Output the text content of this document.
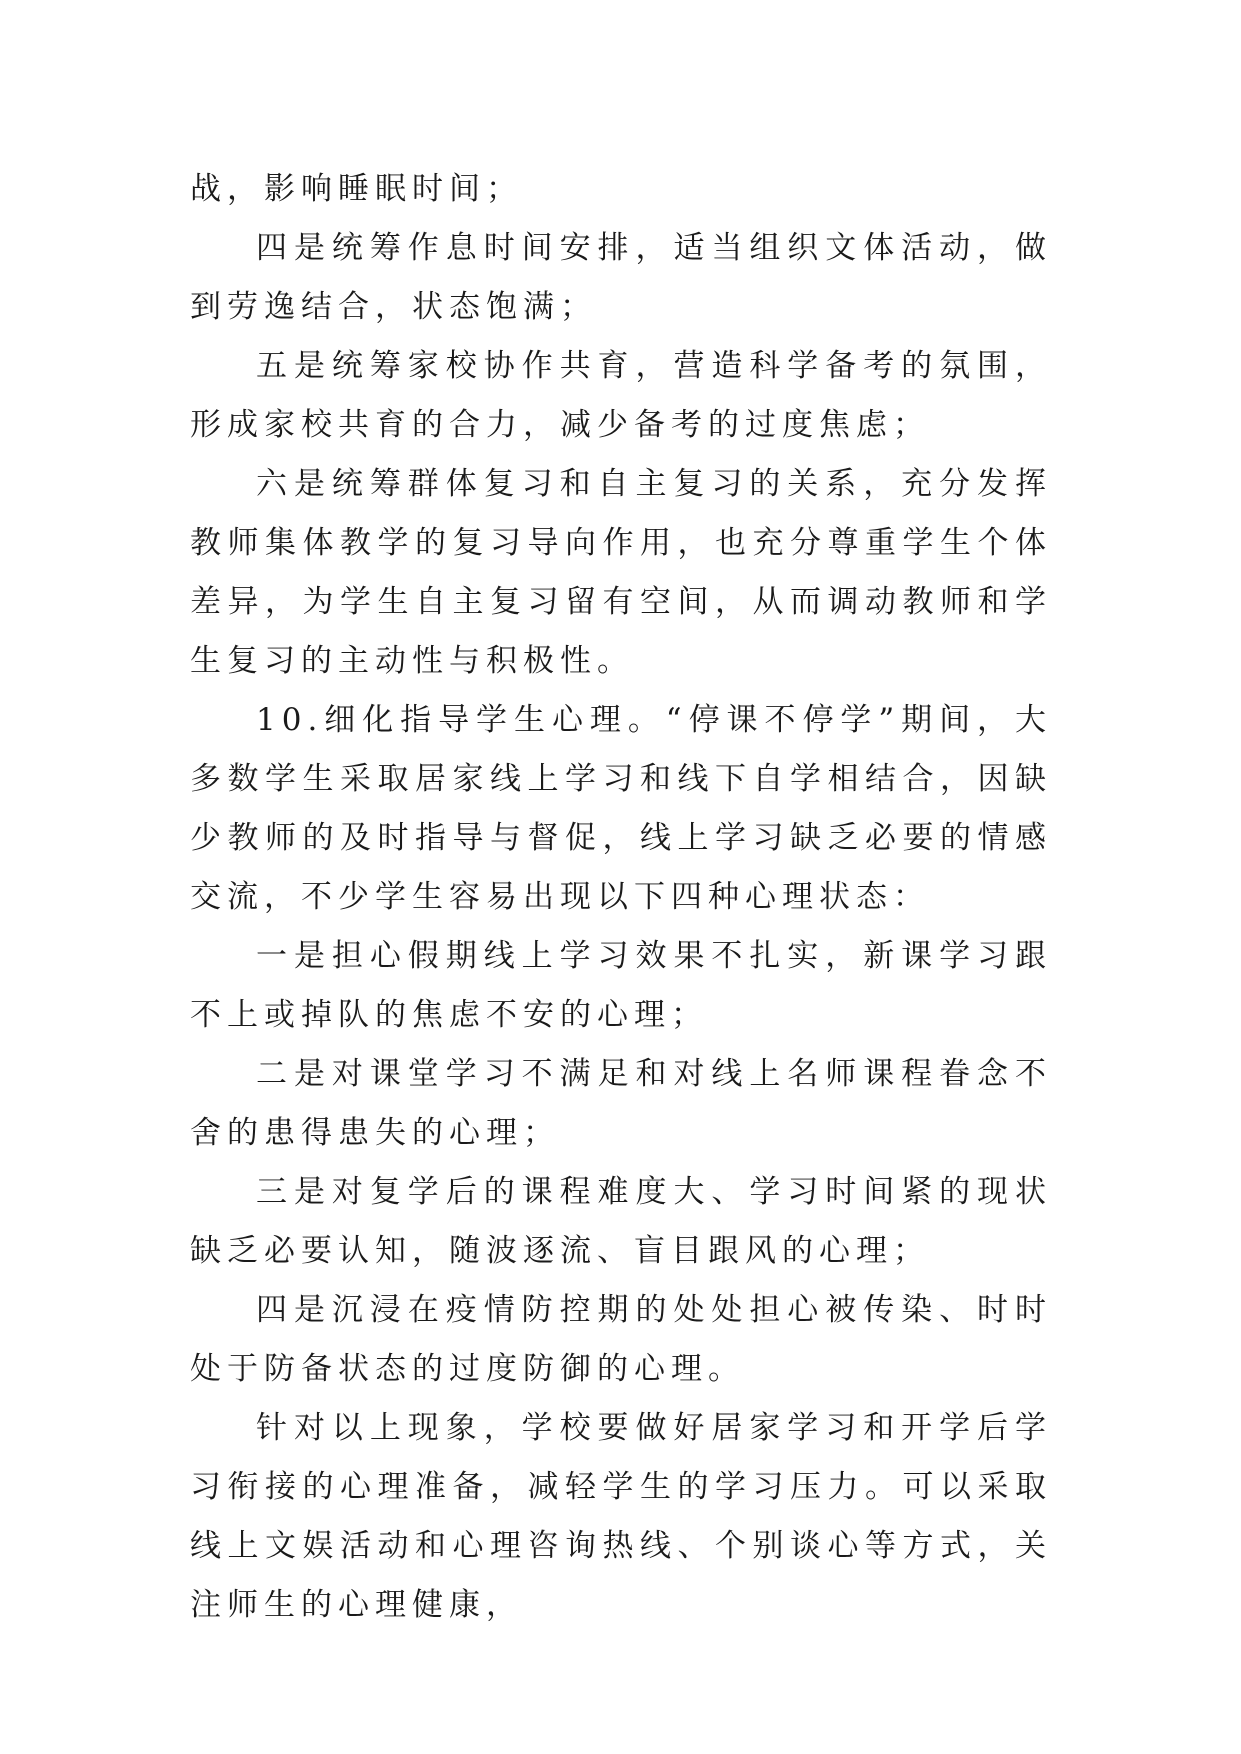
战，影响睡眠时间；

四是统筹作息时间安排，适当组织文体活动，做到劳逸结合，状态饱满；

五是统筹家校协作共育，营造科学备考的氛围，形成家校共育的合力，减少备考的过度焦虑；

六是统筹群体复习和自主复习的关系，充分发挥教师集体教学的复习导向作用，也充分尊重学生个体差异，为学生自主复习留有空间，从而调动教师和学生复习的主动性与积极性。

10.细化指导学生心理。“停课不停学”期间，大多数学生采取居家线上学习和线下自学相结合，因缺少教师的及时指导与督促，线上学习缺乏必要的情感交流，不少学生容易出现以下四种心理状态：

一是担心假期线上学习效果不扎实，新课学习跟不上或掉队的焦虑不安的心理；

二是对课堂学习不满足和对线上名师课程眷念不舍的患得患失的心理；

三是对复学后的课程难度大、学习时间紧的现状缺乏必要认知，随波逐流、盲目跟风的心理；

四是沉浸在疫情防控期的处处担心被传染、时时处于防备状态的过度防御的心理。

针对以上现象，学校要做好居家学习和开学后学习衔接的心理准备，减轻学生的学习压力。可以采取线上文娱活动和心理咨询热线、个别谈心等方式，关注师生的心理健康，
